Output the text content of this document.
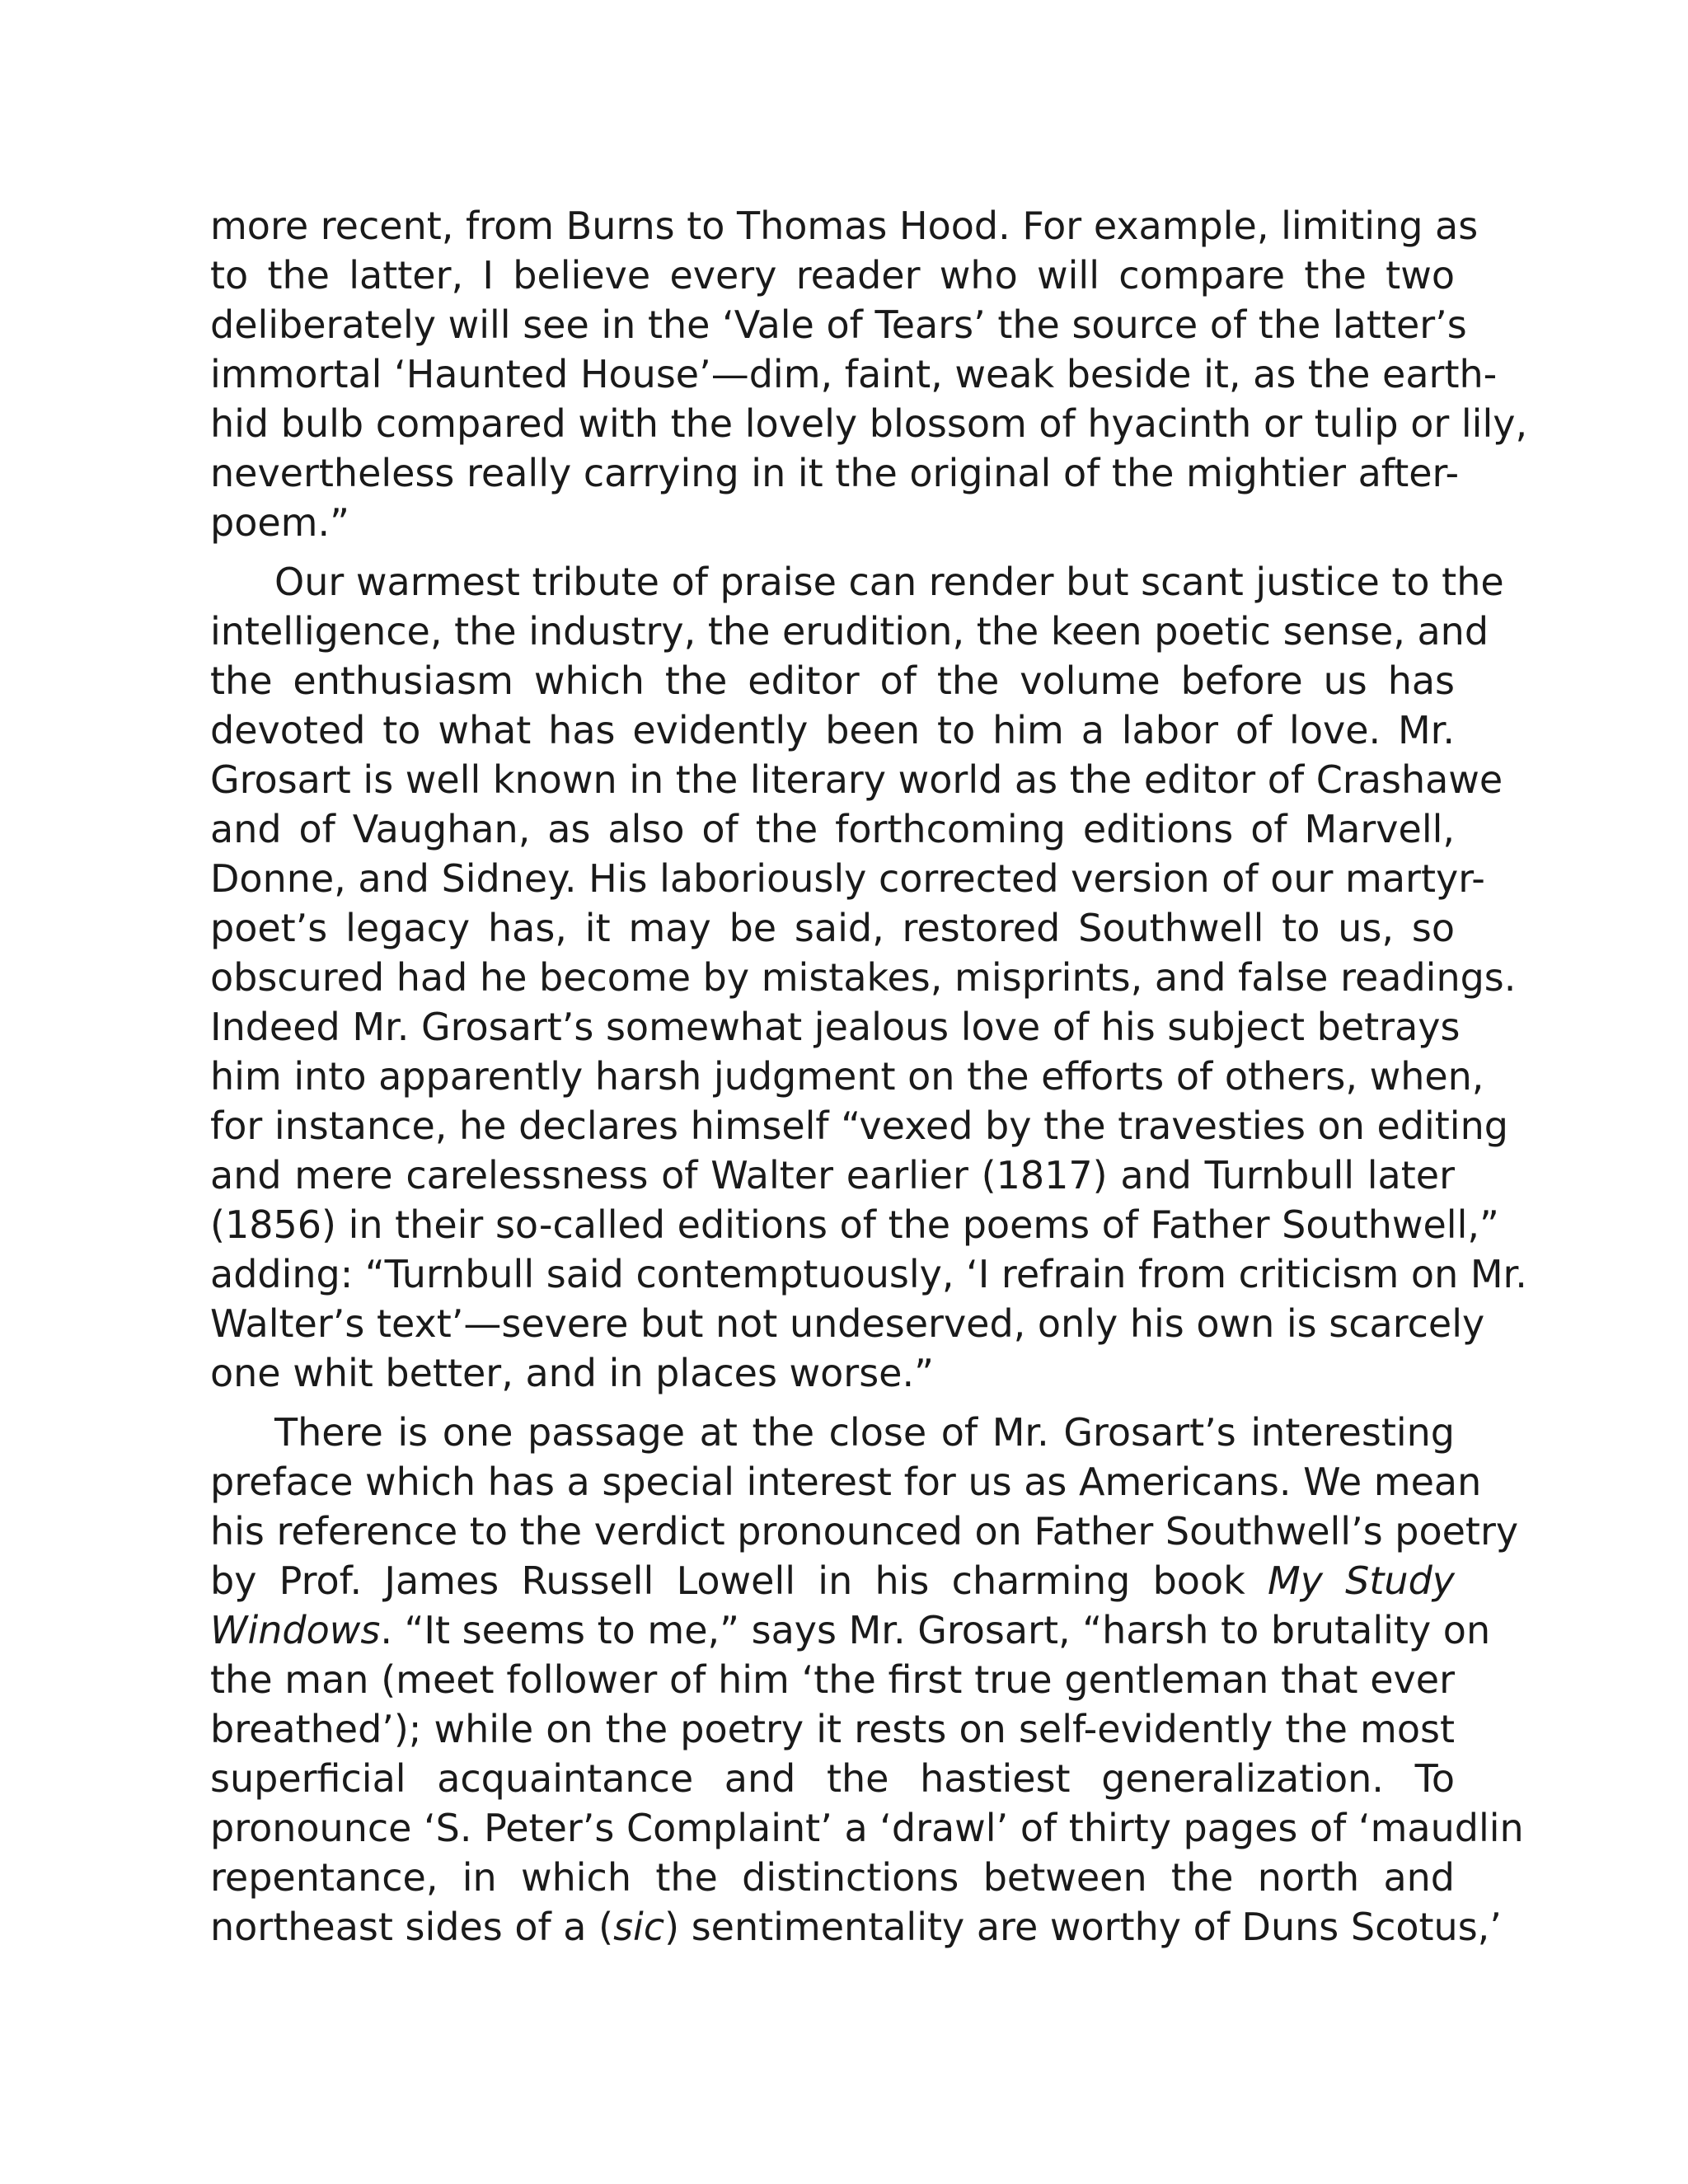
more recent, from Burns to Thomas Hood. For example, limiting as
to the latter, I believe every reader who will compare the two
deliberately will see in the ‘Vale of Tears’ the source of the latter’s
immortal ‘Haunted House’—dim, faint, weak beside it, as the earth-
hid bulb compared with the lovely blossom of hyacinth or tulip or lily,
nevertheless really carrying in it the original of the mightier after-
poem.”
Our warmest tribute of praise can render but scant justice to the
intelligence, the industry, the erudition, the keen poetic sense, and
the enthusiasm which the editor of the volume before us has
devoted to what has evidently been to him a labor of love. Mr.
Grosart is well known in the literary world as the editor of Crashawe
and of Vaughan, as also of the forthcoming editions of Marvell,
Donne, and Sidney. His laboriously corrected version of our martyr-
poet’s legacy has, it may be said, restored Southwell to us, so
obscured had he become by mistakes, misprints, and false readings.
Indeed Mr. Grosart’s somewhat jealous love of his subject betrays
him into apparently harsh judgment on the efforts of others, when,
for instance, he declares himself “vexed by the travesties on editing
and mere carelessness of Walter earlier (1817) and Turnbull later
(1856) in their so-called editions of the poems of Father Southwell,”
adding: “Turnbull said contemptuously, ‘I refrain from criticism on Mr.
Walter’s text’—severe but not undeserved, only his own is scarcely
one whit better, and in places worse.”
There is one passage at the close of Mr. Grosart’s interesting
preface which has a special interest for us as Americans. We mean
his reference to the verdict pronounced on Father Southwell’s poetry
by Prof. James Russell Lowell in his charming book My Study
Windows. “It seems to me,” says Mr. Grosart, “harsh to brutality on
the man (meet follower of him ‘the first true gentleman that ever
breathed’); while on the poetry it rests on self-evidently the most
superficial acquaintance and the hastiest generalization. To
pronounce ‘S. Peter’s Complaint’ a ‘drawl’ of thirty pages of ‘maudlin
repentance, in which the distinctions between the north and
northeast sides of a (sic) sentimentality are worthy of Duns Scotus,’
